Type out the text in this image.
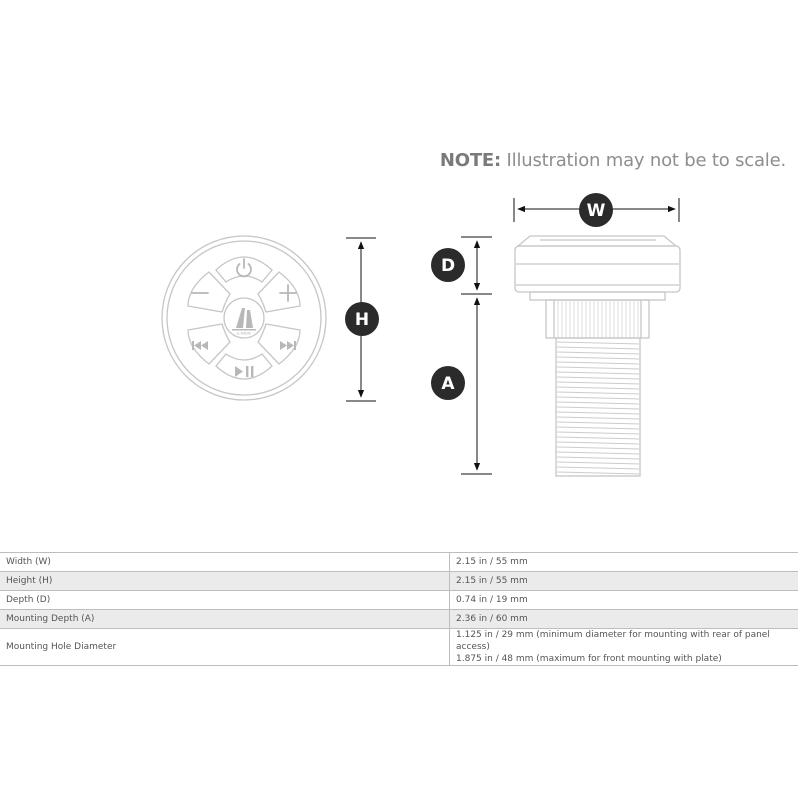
NOTE: Illustration may not be to scale.
JL AUDIO
H
W
D
A
Width (W)	2.15 in / 55 mm
Height (H)	2.15 in / 55 mm
Depth (D)	0.74 in / 19 mm
Mounting Depth (A)	2.36 in / 60 mm
Mounting Hole Diameter	1.125 in / 29 mm (minimum diameter for mounting with rear of panel access)
1.875 in / 48 mm (maximum for front mounting with plate)
